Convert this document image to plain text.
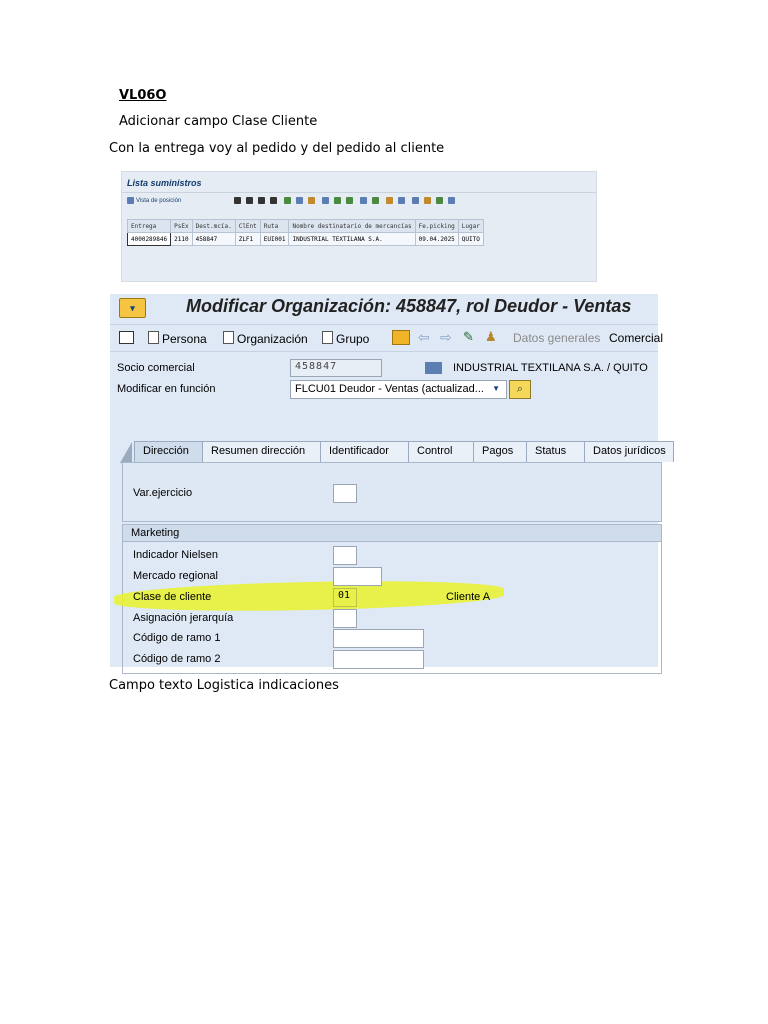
VL06O
Adicionar campo Clase Cliente
Con la entrega voy al pedido y del pedido al cliente
Campo texto Logistica indicaciones
Lista suministros
Vista de posición
Entrega	PsEx	Dest.mcía.	ClEnt	Ruta	Nombre destinatario de mercancías	Fe.picking	Lugar
4000289846	2110	458847	ZLF1	EUI001	INDUSTRIAL TEXTILANA S.A.	09.04.2025	QUITO
▾	Modificar Organización: 458847, rol Deudor - Ventas
Persona	Organización	Grupo	⇦ ⇨ ✎ ♟ Datos generales Comercial
Socio comercial	458847	INDUSTRIAL TEXTILANA S.A. / QUITO
Modificar en función	FLCU01 Deudor - Ventas (actualizad... ▼	⌕
Dirección	Resumen dirección	Identificador	Control	Pagos	Status	Datos jurídicos
Var.ejercicio
Marketing
Indicador Nielsen
Mercado regional
Clase de cliente	01	Cliente A
Asignación jerarquía
Código de ramo 1
Código de ramo 2
